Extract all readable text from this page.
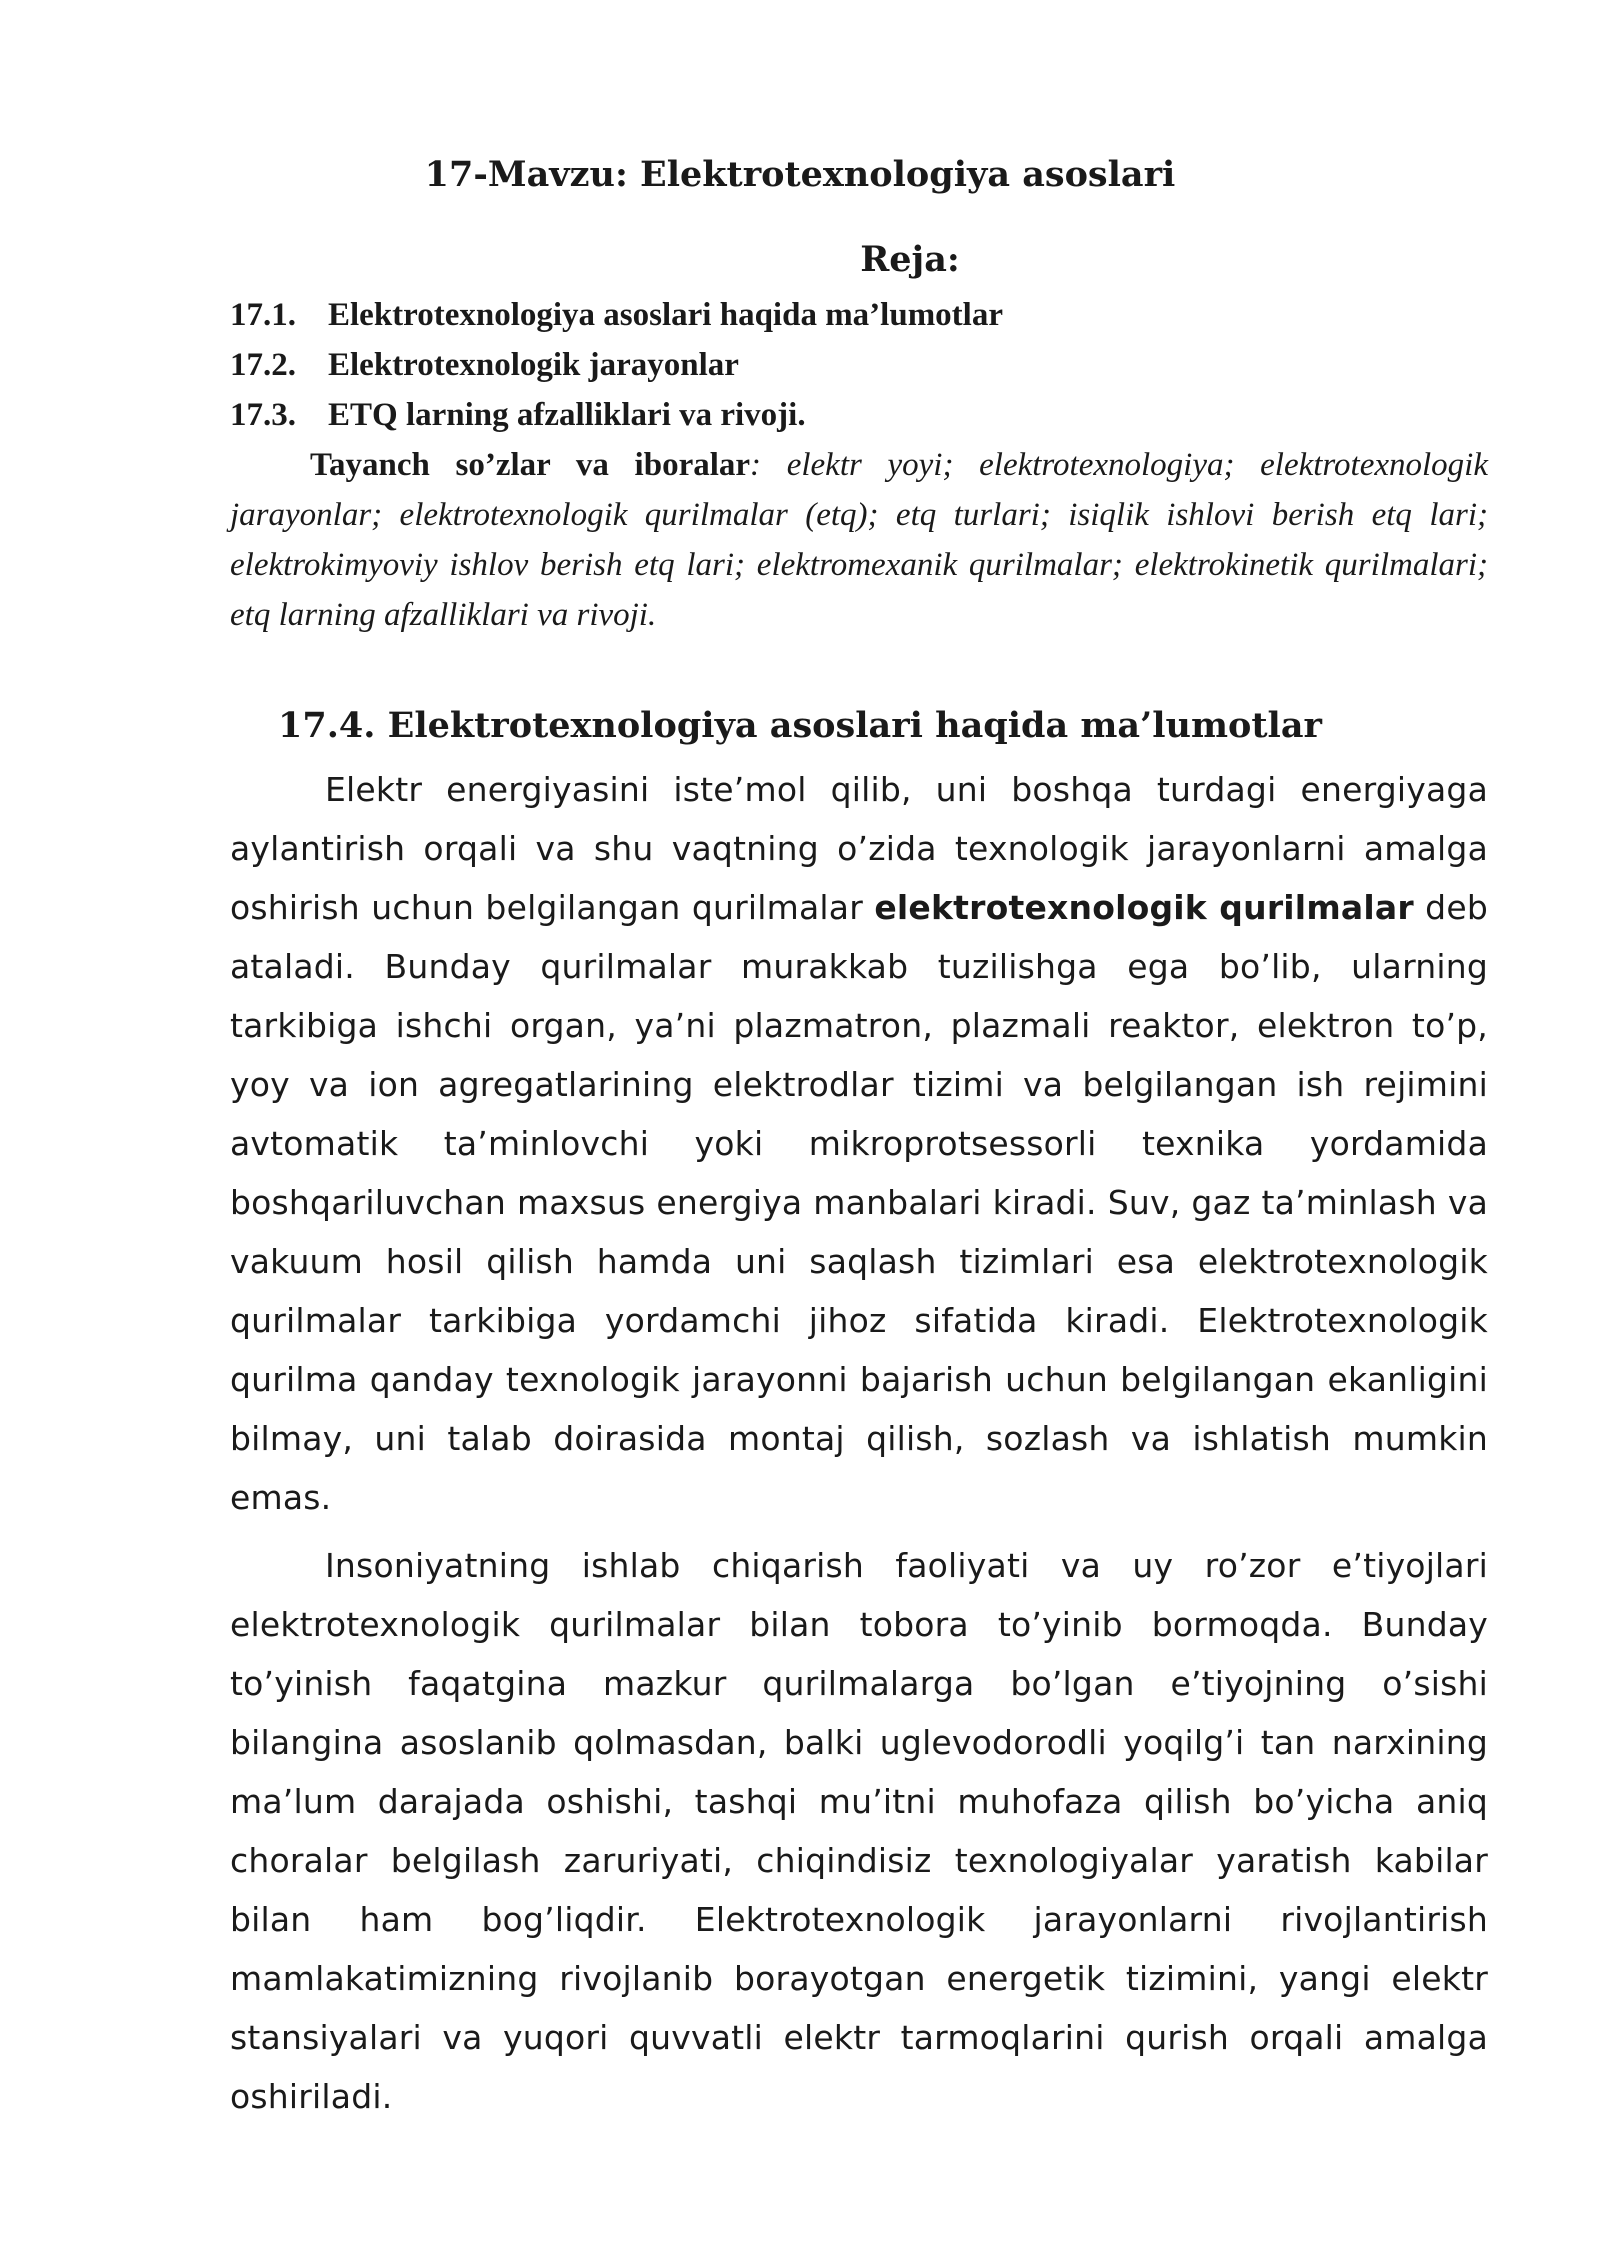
17-Mavzu: Elektrotexnologiya asoslari
Reja:
17.1. Elektrotexnologiya asoslari haqida ma’lumotlar
17.2. Elektrotexnologik jarayonlar
17.3. ETQ larning afzalliklari va rivoji.

Tayanch so’zlar va iboralar: elektr yoyi; elektrotexnologiya; elektrotexnologik jarayonlar; elektrotexnologik qurilmalar (etq); etq turlari; isiqlik ishlovi berish etq lari; elektrokimyoviy ishlov berish etq lari; elektromexanik qurilmalar; elektrokinetik qurilmalari; etq larning afzalliklari va rivoji.

17.4. Elektrotexnologiya asoslari haqida ma’lumotlar

Elektr energiyasini iste’mol qilib, uni boshqa turdagi energiyaga aylantirish orqali va shu vaqtning o’zida texnologik jarayonlarni amalga oshirish uchun belgilangan qurilmalar elektrotexnologik qurilmalar deb ataladi. Bunday qurilmalar murakkab tuzilishga ega bo’lib, ularning tarkibiga ishchi organ, ya’ni plazmatron, plazmali reaktor, elektron to’p, yoy va ion agregatlarining elektrodlar tizimi va belgilangan ish rejimini avtomatik ta’minlovchi yoki mikroprotsessorli texnika yordamida boshqariluvchan maxsus energiya manbalari kiradi. Suv, gaz ta’minlash va vakuum hosil qilish hamda uni saqlash tizimlari esa elektrotexnologik qurilmalar tarkibiga yordamchi jihoz sifatida kiradi. Elektrotexnologik qurilma qanday texnologik jarayonni bajarish uchun belgilangan ekanligini bilmay, uni talab doirasida montaj qilish, sozlash va ishlatish mumkin emas.

Insoniyatning ishlab chiqarish faoliyati va uy ro’zor e’tiyojlari elektrotexnologik qurilmalar bilan tobora to’yinib bormoqda. Bunday to’yinish faqatgina mazkur qurilmalarga bo’lgan e’tiyojning o’sishi bilangina asoslanib qolmasdan, balki uglevodorodli yoqilg’i tan narxining ma’lum darajada oshishi, tashqi mu’itni muhofaza qilish bo’yicha aniq choralar belgilash zaruriyati, chiqindisiz texnologiyalar yaratish kabilar bilan ham bog’liqdir. Elektrotexnologik jarayonlarni rivojlantirish mamlakatimizning rivojlanib borayotgan energetik tizimini, yangi elektr stansiyalari va yuqori quvvatli elektr tarmoqlarini qurish orqali amalga oshiriladi.
